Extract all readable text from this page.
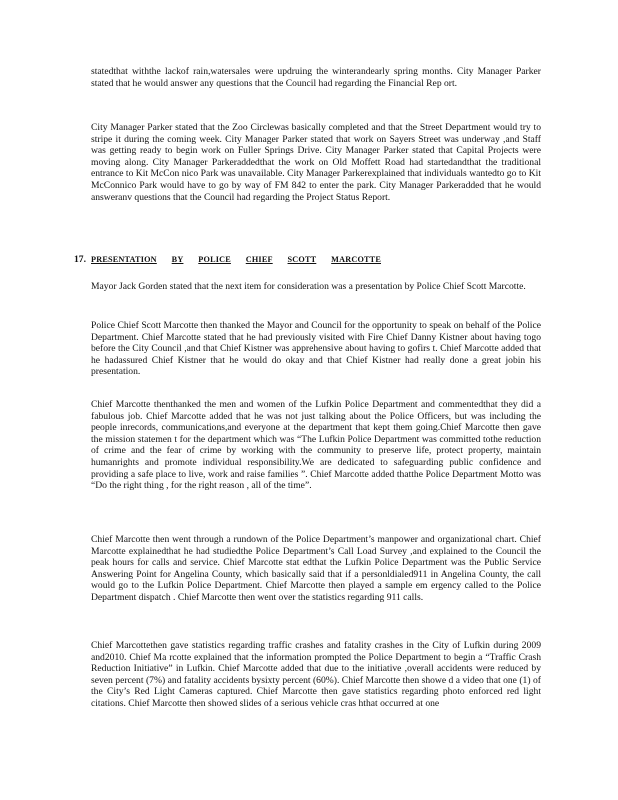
statedthat withthe lackof rain,watersales were updruing the winterandearly spring months. City Manager Parker stated that he would answer any questions that the Council had regarding the Financial Rep ort.

City Manager Parker stated that the Zoo Circlewas basically completed and that the Street Department would try to stripe it during the coming week. City Manager Parker stated that work on Sayers Street was underway ,and Staff was getting ready to begin work on Fuller Springs Drive. City Manager Parker stated that Capital Projects were moving along. City Manager Parkeraddedthat the work on Old Moffett Road had startedandthat the traditional entrance to Kit McCon nico Park was unavailable. City Manager Parkerexplained that individuals wantedto go to Kit McConnico Park would have to go by way of FM 842 to enter the park. City Manager Parkeradded that he would answeranv questions that the Council had regarding the Project Status Report.

17. PRESENTATION BY POLICE CHIEF SCOTT MARCOTTE

Mayor Jack Gorden stated that the next item for consideration was a presentation by Police Chief Scott Marcotte.

Police Chief Scott Marcotte then thanked the Mayor and Council for the opportunity to speak on behalf of the Police Department. Chief Marcotte stated that he had previously visited with Fire Chief Danny Kistner about having togo before the City Council ,and that Chief Kistner was apprehensive about having to gofirs t. Chief Marcotte added that he hadassured Chief Kistner that he would do okay and that Chief Kistner had really done a great jobin his presentation.

Chief Marcotte thenthanked the men and women of the Lufkin Police Department and commentedthat they did a fabulous job. Chief Marcotte added that he was not just talking about the Police Officers, but was including the people inrecords, communications,and everyone at the department that kept them going.Chief Marcotte then gave the mission statemen t for the department which was “The Lufkin Police Department was committed tothe reduction of crime and the fear of crime by working with the community to preserve life, protect property, maintain humanrights and promote individual responsibility.We are dedicated to safeguarding public confidence and providing a safe place to live, work and raise families ”. Chief Marcotte added thatthe Police Department Motto was “Do the right thing , for the right reason , all of the time”.

Chief Marcotte then went through a rundown of the Police Department’s manpower and organizational chart. Chief Marcotte explainedthat he had studiedthe Police Department’s Call Load Survey ,and explained to the Council the peak hours for calls and service. Chief Marcotte stat edthat the Lufkin Police Department was the Public Service Answering Point for Angelina County, which basically said that if a personldialed911 in Angelina County, the call would go to the Lufkin Police Department. Chief Marcotte then played a sample em ergency called to the Police Department dispatch . Chief Marcotte then went over the statistics regarding 911 calls.

Chief Marcottethen gave statistics regarding traffic crashes and fatality crashes in the City of Lufkin during 2009 and2010. Chief Ma rcotte explained that the information prompted the Police Department to begin a “Traffic Crash Reduction Initiative” in Lufkin. Chief Marcotte added that due to the initiative ,overall accidents were reduced by seven percent (7%) and fatality accidents bysixty percent (60%). Chief Marcotte then showe d a video that one (1) of the City’s Red Light Cameras captured. Chief Marcotte then gave statistics regarding photo enforced red light citations. Chief Marcotte then showed slides of a serious vehicle cras hthat occurred at one
